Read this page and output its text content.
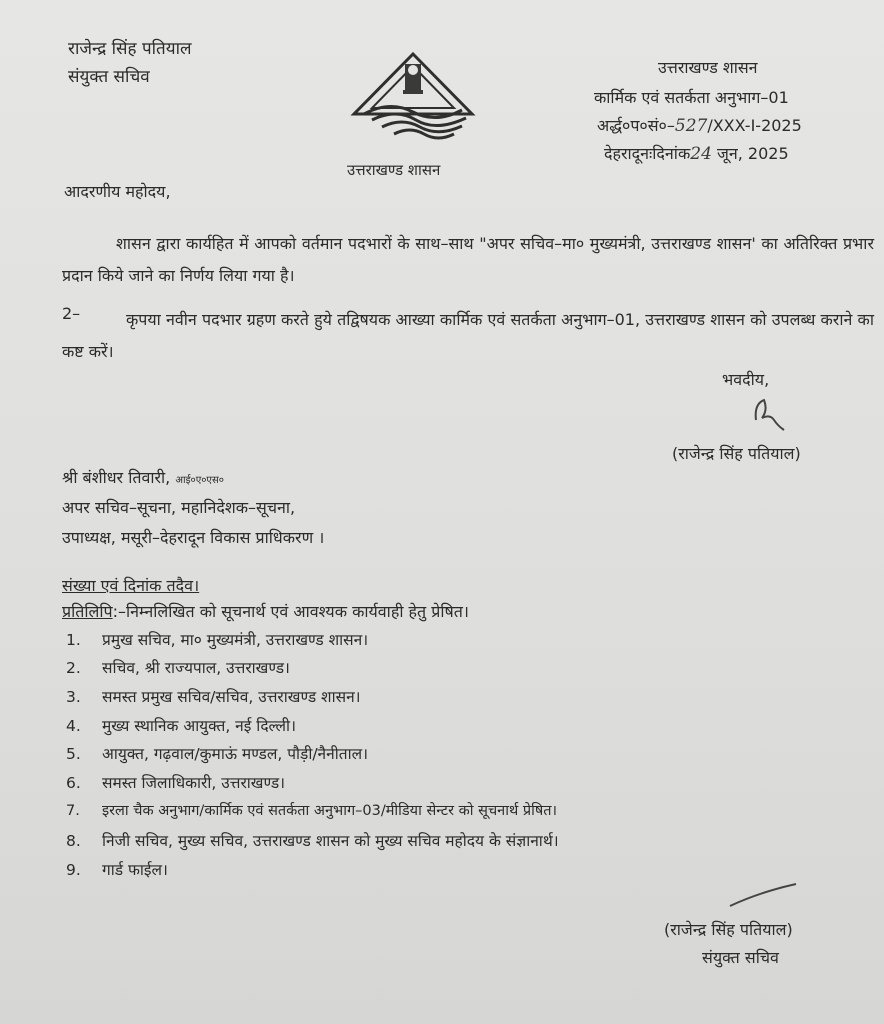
राजेन्द्र सिंह पतियाल
संयुक्त सचिव
उत्तराखण्ड शासन
उत्तराखण्ड शासन
कार्मिक एवं सतर्कता अनुभाग–01
अर्द्ध०प०सं०–527/XXX-I-2025
देहरादूनःदिनांक24 जून, 2025
आदरणीय महोदय,
शासन द्वारा कार्यहित में आपको वर्तमान पदभारों के साथ–साथ "अपर सचिव–मा० मुख्यमंत्री, उत्तराखण्ड शासन' का अतिरिक्त प्रभार प्रदान किये जाने का निर्णय लिया गया है।
2–	कृपया नवीन पदभार ग्रहण करते हुये तद्विषयक आख्या कार्मिक एवं सतर्कता अनुभाग–01, उत्तराखण्ड शासन को उपलब्ध कराने का कष्ट करें।
भवदीय,
(राजेन्द्र सिंह पतियाल)
श्री बंशीधर तिवारी, आई०ए०एस०
अपर सचिव–सूचना, महानिदेशक–सूचना,
उपाध्यक्ष, मसूरी–देहरादून विकास प्राधिकरण ।
संख्या एवं दिनांक तदैव।
प्रतिलिपि:–निम्नलिखित को सूचनार्थ एवं आवश्यक कार्यवाही हेतु प्रेषित।
1. प्रमुख सचिव, मा० मुख्यमंत्री, उत्तराखण्ड शासन।
2. सचिव, श्री राज्यपाल, उत्तराखण्ड।
3. समस्त प्रमुख सचिव/सचिव, उत्तराखण्ड शासन।
4. मुख्य स्थानिक आयुक्त, नई दिल्ली।
5. आयुक्त, गढ़वाल/कुमाऊं मण्डल, पौड़ी/नैनीताल।
6. समस्त जिलाधिकारी, उत्तराखण्ड।
7. इरला चैक अनुभाग/कार्मिक एवं सतर्कता अनुभाग–03/मीडिया सेन्टर को सूचनार्थ प्रेषित।
8. निजी सचिव, मुख्य सचिव, उत्तराखण्ड शासन को मुख्य सचिव महोदय के संज्ञानार्थ।
9. गार्ड फाईल।
(राजेन्द्र सिंह पतियाल)
संयुक्त सचिव
